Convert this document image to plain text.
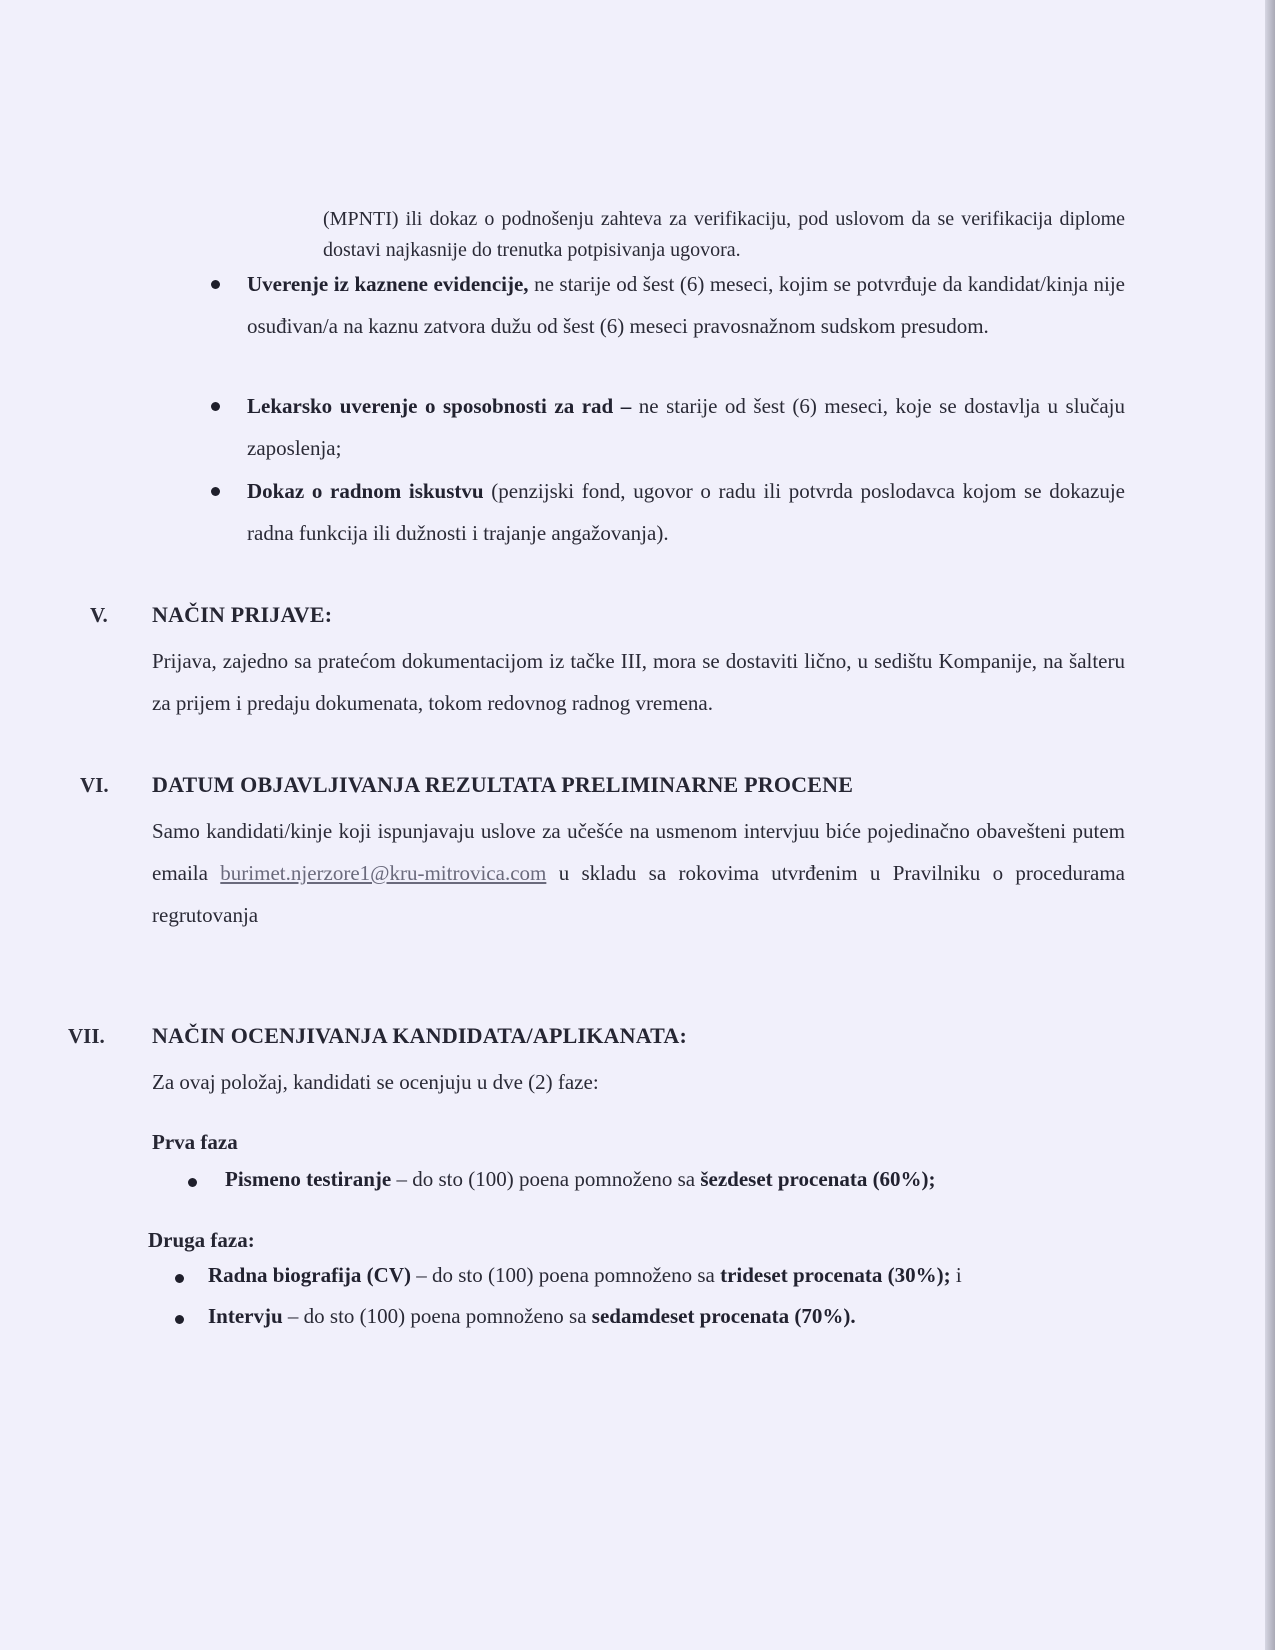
(MPNTI) ili dokaz o podnošenju zahteva za verifikaciju, pod uslovom da se verifikacija diplome dostavi najkasnije do trenutka potpisivanja ugovora.
Uverenje iz kaznene evidencije, ne starije od šest (6) meseci, kojim se potvrđuje da kandidat/kinja nije osuđivan/a na kaznu zatvora dužu od šest (6) meseci pravosnažnom sudskom presudom.
Lekarsko uverenje o sposobnosti za rad – ne starije od šest (6) meseci, koje se dostavlja u slučaju zaposlenja;
Dokaz o radnom iskustvu (penzijski fond, ugovor o radu ili potvrda poslodavca kojom se dokazuje radna funkcija ili dužnosti i trajanje angažovanja).
V. NAČIN PRIJAVE:
Prijava, zajedno sa pratećom dokumentacijom iz tačke III, mora se dostaviti lično, u sedištu Kompanije, na šalteru za prijem i predaju dokumenata, tokom redovnog radnog vremena.
VI. DATUM OBJAVLJIVANJA REZULTATA PRELIMINARNE PROCENE
Samo kandidati/kinje koji ispunjavaju uslove za učešće na usmenom intervjuu biće pojedinačno obavešteni putem emaila burimet.njerzore1@kru-mitrovica.com u skladu sa rokovima utvrđenim u Pravilniku o procedurama regrutovanja
VII. NAČIN OCENJIVANJA KANDIDATA/APLIKANATA:
Za ovaj položaj, kandidati se ocenjuju u dve (2) faze:
Prva faza
Pismeno testiranje – do sto (100) poena pomnoženo sa šezdeset procenata (60%);
Druga faza:
Radna biografija (CV) – do sto (100) poena pomnoženo sa trideset procenata (30%); i
Intervju – do sto (100) poena pomnoženo sa sedamdeset procenata (70%).
